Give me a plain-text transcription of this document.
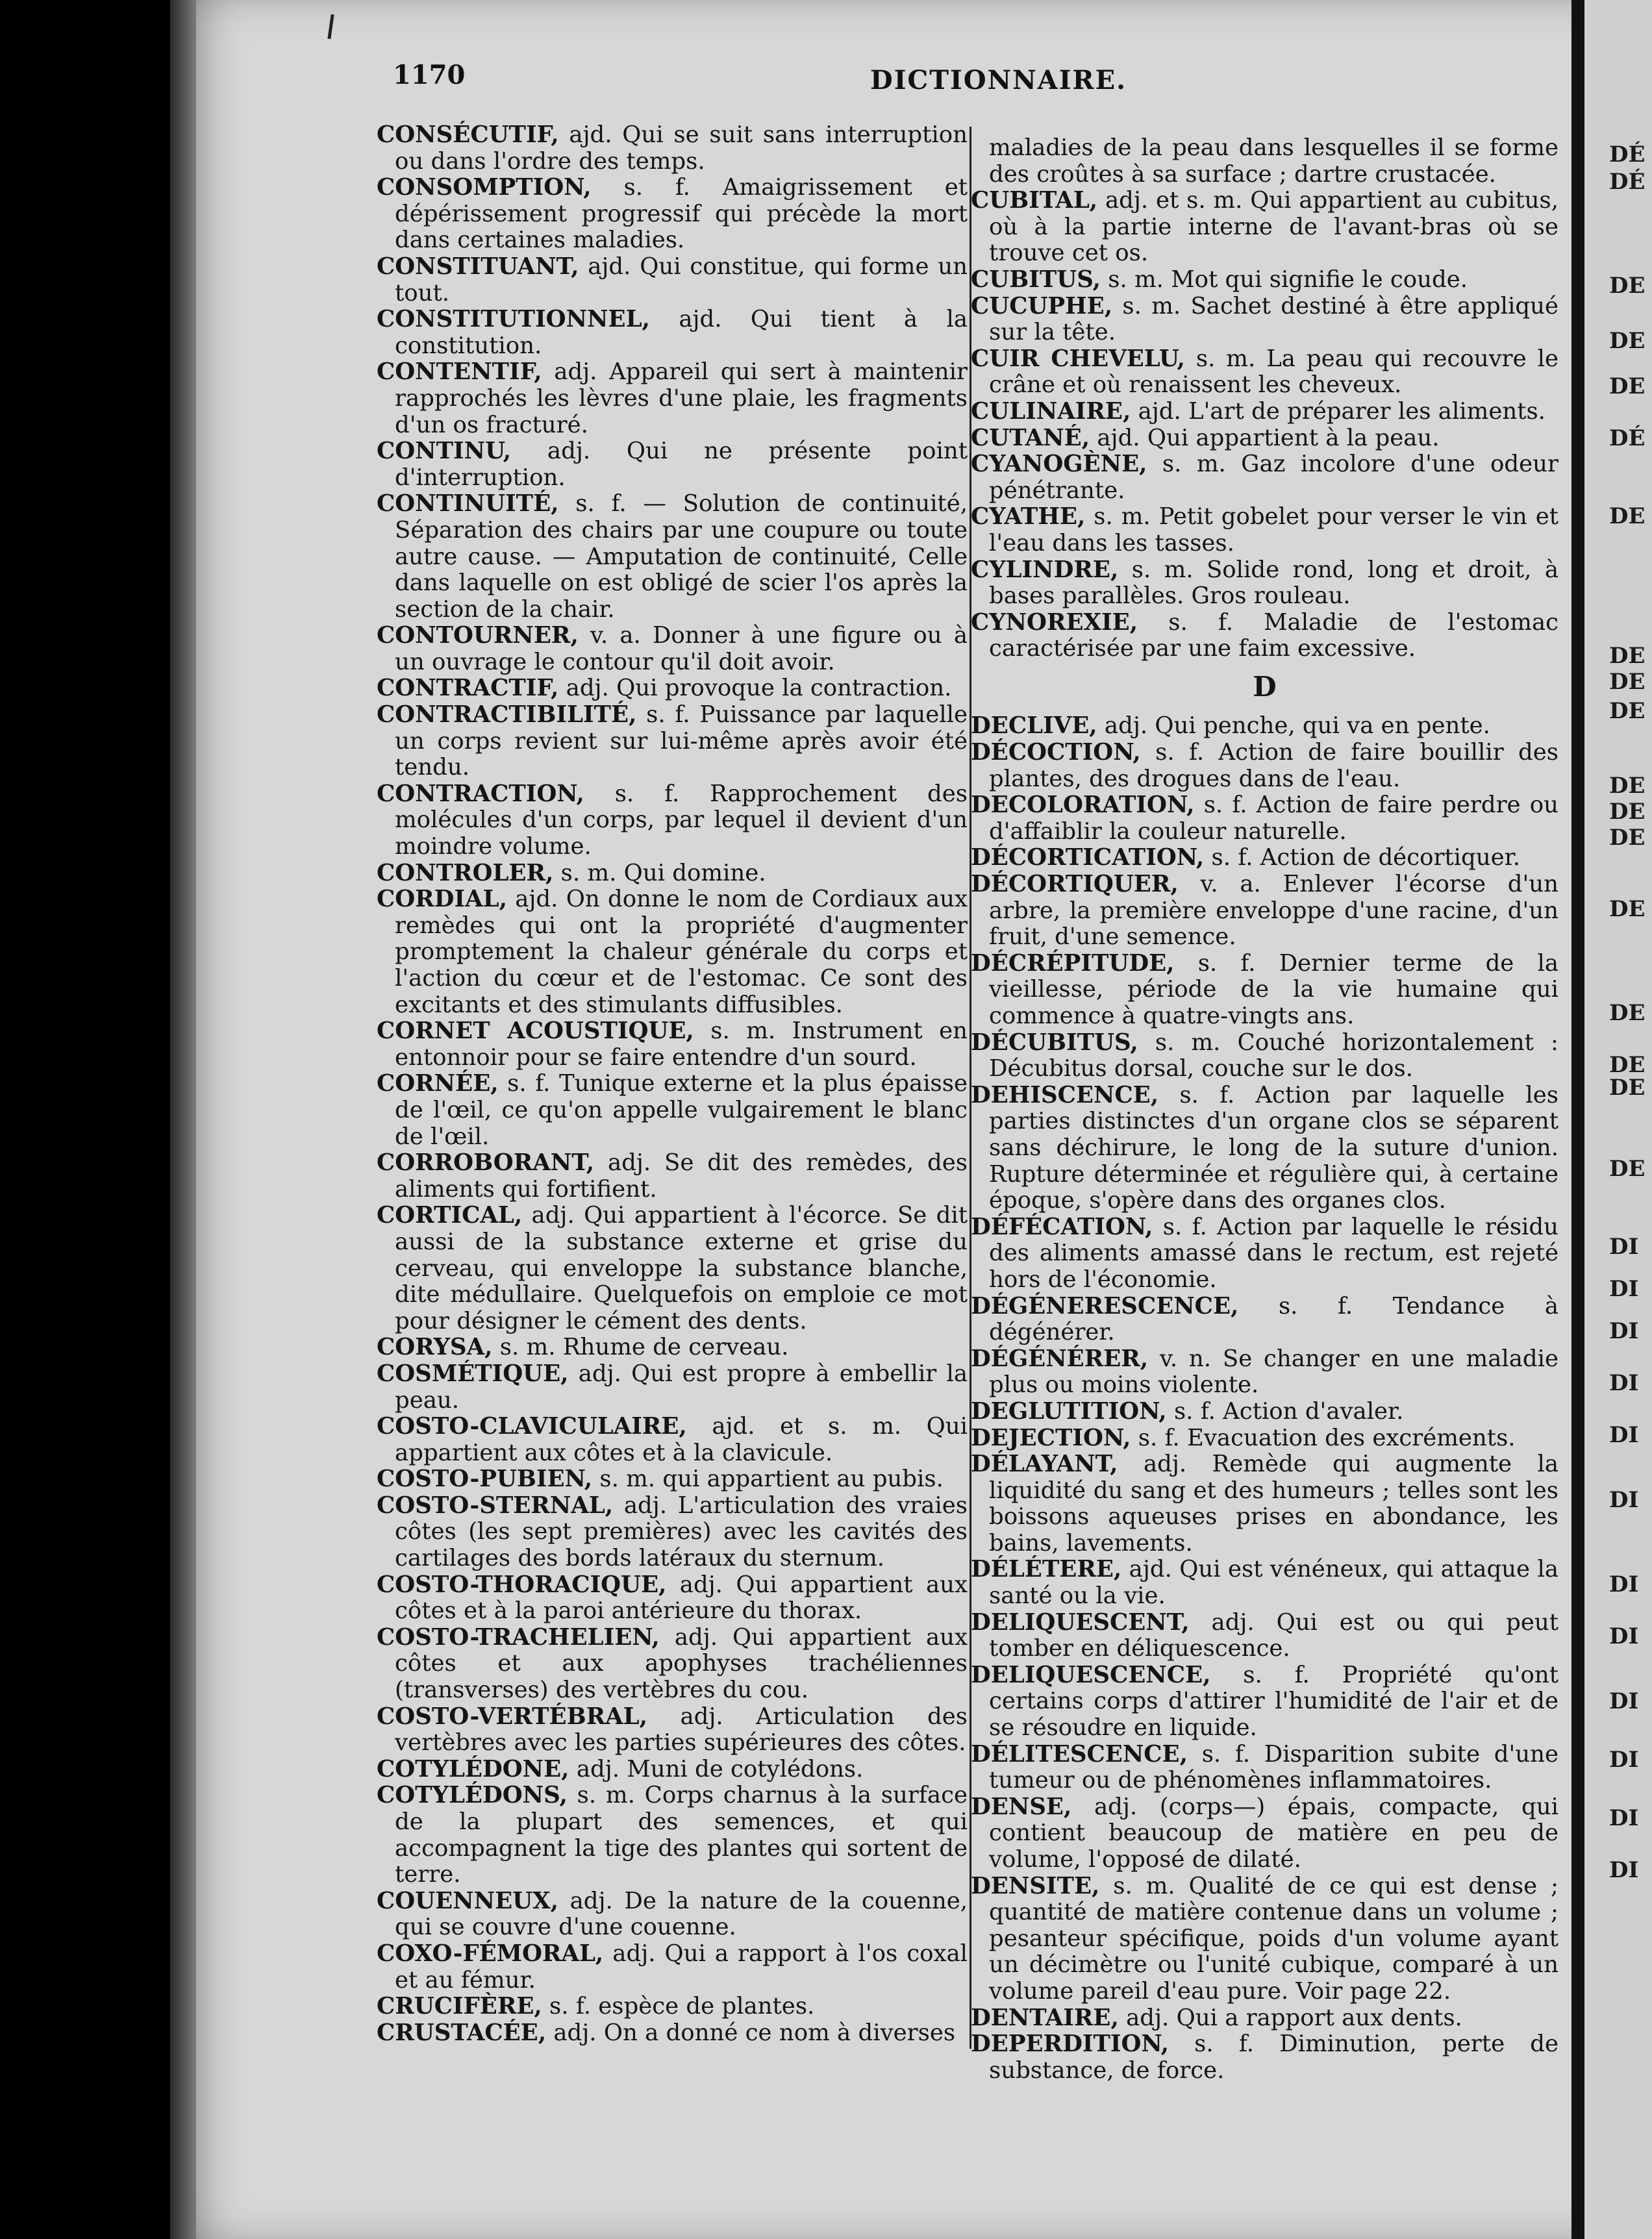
1170	DICTIONNAIRE.

CONSÉCUTIF, ajd. Qui se suit sans interruption ou dans l'ordre des temps.

CONSOMPTION, s. f. Amaigrissement et dépérissement progressif qui précède la mort dans certaines maladies.

CONSTITUANT, ajd. Qui constitue, qui forme un tout.

CONSTITUTIONNEL, ajd. Qui tient à la constitution.

CONTENTIF, adj. Appareil qui sert à maintenir rapprochés les lèvres d'une plaie, les fragments d'un os fracturé.

CONTINU, adj. Qui ne présente point d'interruption.

CONTINUITÉ, s. f. — Solution de continuité, Séparation des chairs par une coupure ou toute autre cause. — Amputation de continuité, Celle dans laquelle on est obligé de scier l'os après la section de la chair.

CONTOURNER, v. a. Donner à une figure ou à un ouvrage le contour qu'il doit avoir.

CONTRACTIF, adj. Qui provoque la contraction.

CONTRACTIBILITÉ, s. f. Puissance par laquelle un corps revient sur lui-même après avoir été tendu.

CONTRACTION, s. f. Rapprochement des molécules d'un corps, par lequel il devient d'un moindre volume.

CONTROLER, s. m. Qui domine.

CORDIAL, ajd. On donne le nom de Cordiaux aux remèdes qui ont la propriété d'augmenter promptement la chaleur générale du corps et l'action du cœur et de l'estomac. Ce sont des excitants et des stimulants diffusibles.

CORNET ACOUSTIQUE, s. m. Instrument en entonnoir pour se faire entendre d'un sourd.

CORNÉE, s. f. Tunique externe et la plus épaisse de l'œil, ce qu'on appelle vulgairement le blanc de l'œil.

CORROBORANT, adj. Se dit des remèdes, des aliments qui fortifient.

CORTICAL, adj. Qui appartient à l'écorce. Se dit aussi de la substance externe et grise du cerveau, qui enveloppe la substance blanche, dite médullaire. Quelquefois on emploie ce mot pour désigner le cément des dents.

CORYSA, s. m. Rhume de cerveau.

COSMÉTIQUE, adj. Qui est propre à embellir la peau.

COSTO-CLAVICULAIRE, ajd. et s. m. Qui appartient aux côtes et à la clavicule.

COSTO-PUBIEN, s. m. qui appartient au pubis.

COSTO-STERNAL, adj. L'articulation des vraies côtes (les sept premières) avec les cavités des cartilages des bords latéraux du sternum.

COSTO-THORACIQUE, adj. Qui appartient aux côtes et à la paroi antérieure du thorax.

COSTO-TRACHELIEN, adj. Qui appartient aux côtes et aux apophyses trachéliennes (transverses) des vertèbres du cou.

COSTO-VERTÉBRAL, adj. Articulation des vertèbres avec les parties supérieures des côtes.

COTYLÉDONE, adj. Muni de cotylédons.

COTYLÉDONS, s. m. Corps charnus à la surface de la plupart des semences, et qui accompagnent la tige des plantes qui sortent de terre.

COUENNEUX, adj. De la nature de la couenne, qui se couvre d'une couenne.

COXO-FÉMORAL, adj. Qui a rapport à l'os coxal et au fémur.

CRUCIFÈRE, s. f. espèce de plantes.

CRUSTACÉE, adj. On a donné ce nom à diverses

maladies de la peau dans lesquelles il se forme des croûtes à sa surface ; dartre crustacée.

CUBITAL, adj. et s. m. Qui appartient au cubitus, où à la partie interne de l'avant-bras où se trouve cet os.

CUBITUS, s. m. Mot qui signifie le coude.

CUCUPHE, s. m. Sachet destiné à être appliqué sur la tête.

CUIR CHEVELU, s. m. La peau qui recouvre le crâne et où renaissent les cheveux.

CULINAIRE, ajd. L'art de préparer les aliments.

CUTANÉ, ajd. Qui appartient à la peau.

CYANOGÈNE, s. m. Gaz incolore d'une odeur pénétrante.

CYATHE, s. m. Petit gobelet pour verser le vin et l'eau dans les tasses.

CYLINDRE, s. m. Solide rond, long et droit, à bases parallèles. Gros rouleau.

CYNOREXIE, s. f. Maladie de l'estomac caractérisée par une faim excessive.

D

DECLIVE, adj. Qui penche, qui va en pente.

DÉCOCTION, s. f. Action de faire bouillir des plantes, des drogues dans de l'eau.

DECOLORATION, s. f. Action de faire perdre ou d'affaiblir la couleur naturelle.

DÉCORTICATION, s. f. Action de décortiquer.

DÉCORTIQUER, v. a. Enlever l'écorse d'un arbre, la première enveloppe d'une racine, d'un fruit, d'une semence.

DÉCRÉPITUDE, s. f. Dernier terme de la vieillesse, période de la vie humaine qui commence à quatre-vingts ans.

DÉCUBITUS, s. m. Couché horizontalement : Décubitus dorsal, couche sur le dos.

DEHISCENCE, s. f. Action par laquelle les parties distinctes d'un organe clos se séparent sans déchirure, le long de la suture d'union. Rupture déterminée et régulière qui, à certaine époque, s'opère dans des organes clos.

DÉFÉCATION, s. f. Action par laquelle le résidu des aliments amassé dans le rectum, est rejeté hors de l'économie.

DÉGÉNERESCENCE, s. f. Tendance à dégénérer.

DÉGÉNÉRER, v. n. Se changer en une maladie plus ou moins violente.

DEGLUTITION, s. f. Action d'avaler.

DEJECTION, s. f. Evacuation des excréments.

DÉLAYANT, adj. Remède qui augmente la liquidité du sang et des humeurs ; telles sont les boissons aqueuses prises en abondance, les bains, lavements.

DÉLÉTERE, ajd. Qui est vénéneux, qui attaque la santé ou la vie.

DELIQUESCENT, adj. Qui est ou qui peut tomber en déliquescence.

DELIQUESCENCE, s. f. Propriété qu'ont certains corps d'attirer l'humidité de l'air et de se résoudre en liquide.

DÉLITESCENCE, s. f. Disparition subite d'une tumeur ou de phénomènes inflammatoires.

DENSE, adj. (corps—) épais, compacte, qui contient beaucoup de matière en peu de volume, l'opposé de dilaté.

DENSITE, s. m. Qualité de ce qui est dense ; quantité de matière contenue dans un volume ; pesanteur spécifique, poids d'un volume ayant un décimètre ou l'unité cubique, comparé à un volume pareil d'eau pure. Voir page 22.

DENTAIRE, adj. Qui a rapport aux dents.

DEPERDITION, s. f. Diminution, perte de substance, de force.

DÉ
DÉ
DE
DE
DE
DÉ
DE
DE
DE
DE
DE
DE
DE
DE
DE
DE
DE
DE
DI
DI
DI
DI
DI
DI
DI
DI
DI
DI
DI
DI
